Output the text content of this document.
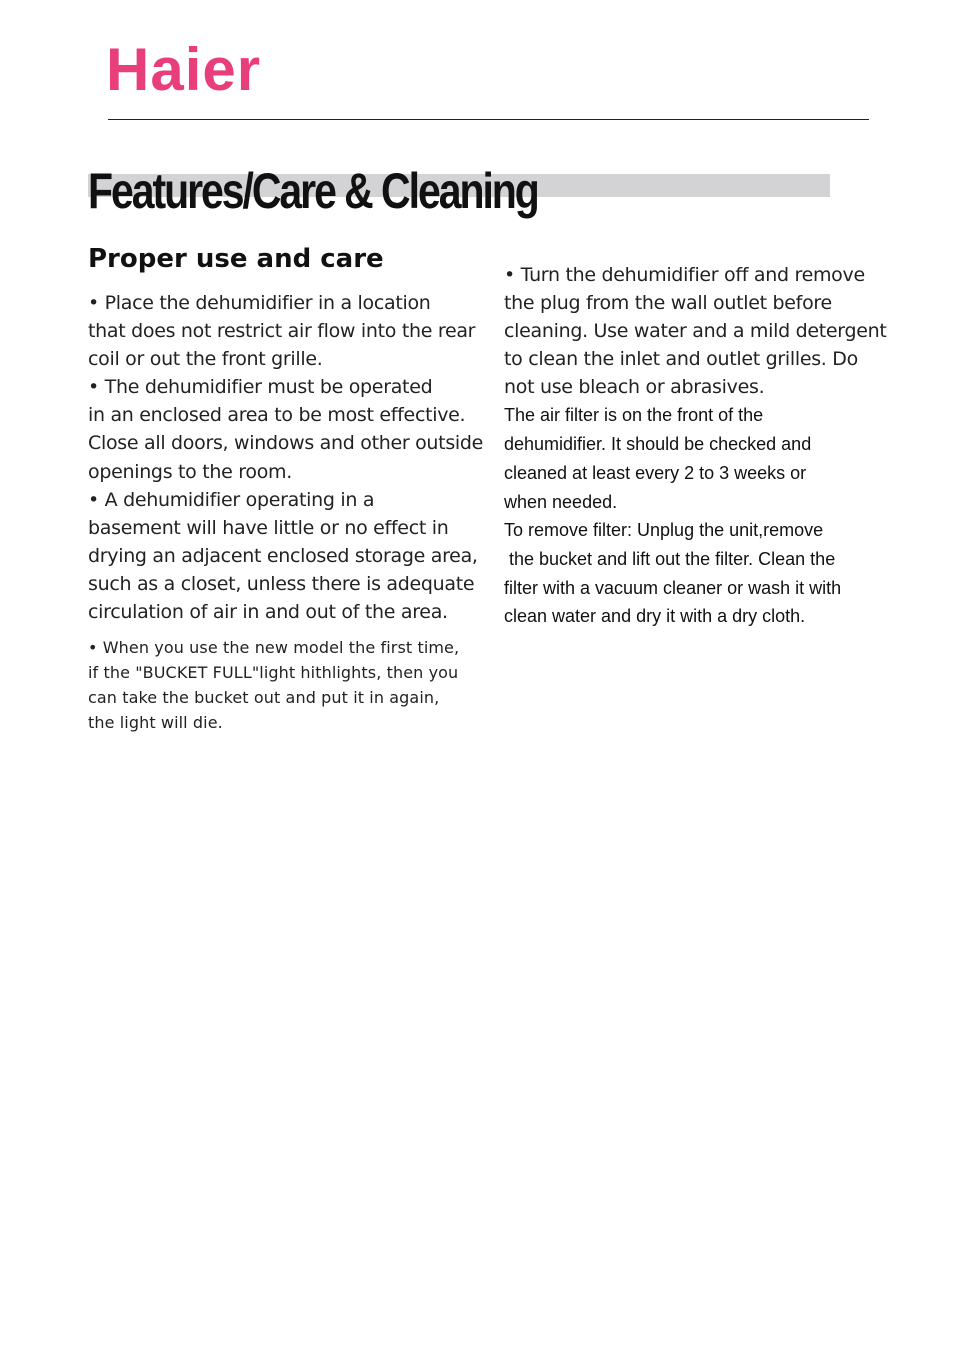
Haier
Features/Care & Cleaning
Proper use and care

• Place the dehumidifier in a location
that does not restrict air flow into the rear
coil or out the front grille.

• The dehumidifier must be operated
in an enclosed area to be most effective.
Close all doors, windows and other outside
openings to the room.

• A dehumidifier operating in a
basement will have little or no effect in
drying an adjacent enclosed storage area,
such as a closet, unless there is adequate
circulation of air in and out of the area.

• When you use the new model the first time,
if the "BUCKET FULL"light hithlights, then you
can take the bucket out and put it in again,
the light will die.

• Turn the dehumidifier off and remove
the plug from the wall outlet before
cleaning. Use water and a mild detergent
to clean the inlet and outlet grilles. Do
not use bleach or abrasives.

The air filter is on the front of the
dehumidifier. It should be checked and
cleaned at least every 2 to 3 weeks or
when needed.

To remove filter: Unplug the unit,remove
the bucket and lift out the filter. Clean the
filter with a vacuum cleaner or wash it with
clean water and dry it with a dry cloth.
